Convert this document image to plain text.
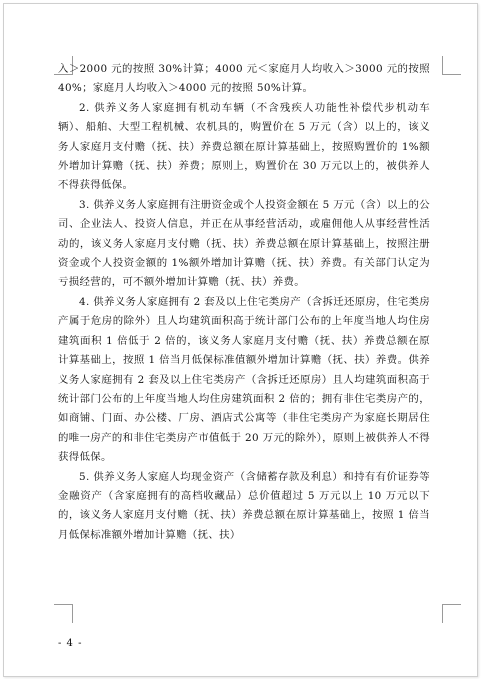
入＞2000 元的按照 30%计算；4000 元＜家庭月人均收入＞3000 元的按照 40%；家庭月人均收入＞4000 元的按照 50%计算。

2. 供养义务人家庭拥有机动车辆（不含残疾人功能性补偿代步机动车辆）、船舶、大型工程机械、农机具的，购置价在 5 万元（含）以上的，该义务人家庭月支付赡（抚、扶）养费总额在原计算基础上，按照购置价的 1%额外增加计算赡（抚、扶）养费；原则上，购置价在 30 万元以上的，被供养人不得获得低保。

3. 供养义务人家庭拥有注册资金或个人投资金额在 5 万元（含）以上的公司、企业法人、投资人信息，并正在从事经营活动，或雇佣他人从事经营性活动的，该义务人家庭月支付赡（抚、扶）养费总额在原计算基础上，按照注册资金或个人投资金额的 1%额外增加计算赡（抚、扶）养费。有关部门认定为亏损经营的，可不额外增加计算赡（抚、扶）养费。

4. 供养义务人家庭拥有 2 套及以上住宅类房产（含拆迁还原房，住宅类房产属于危房的除外）且人均建筑面积高于统计部门公布的上年度当地人均住房建筑面积 1 倍低于 2 倍的，该义务人家庭月支付赡（抚、扶）养费总额在原计算基础上，按照 1 倍当月低保标准值额外增加计算赡（抚、扶）养费。供养义务人家庭拥有 2 套及以上住宅类房产（含拆迁还原房）且人均建筑面积高于统计部门公布的上年度当地人均住房建筑面积 2 倍的；拥有非住宅类房产的，如商铺、门面、办公楼、厂房、酒店式公寓等（非住宅类房产为家庭长期居住的唯一房产的和非住宅类房产市值低于 20 万元的除外），原则上被供养人不得获得低保。

5. 供养义务人家庭人均现金资产（含储蓄存款及利息）和持有有价证券等金融资产（含家庭拥有的高档收藏品）总价值超过 5 万元以上 10 万元以下的，该义务人家庭月支付赡（抚、扶）养费总额在原计算基础上，按照 1 倍当月低保标准额外增加计算赡（抚、扶）

- 4 -
